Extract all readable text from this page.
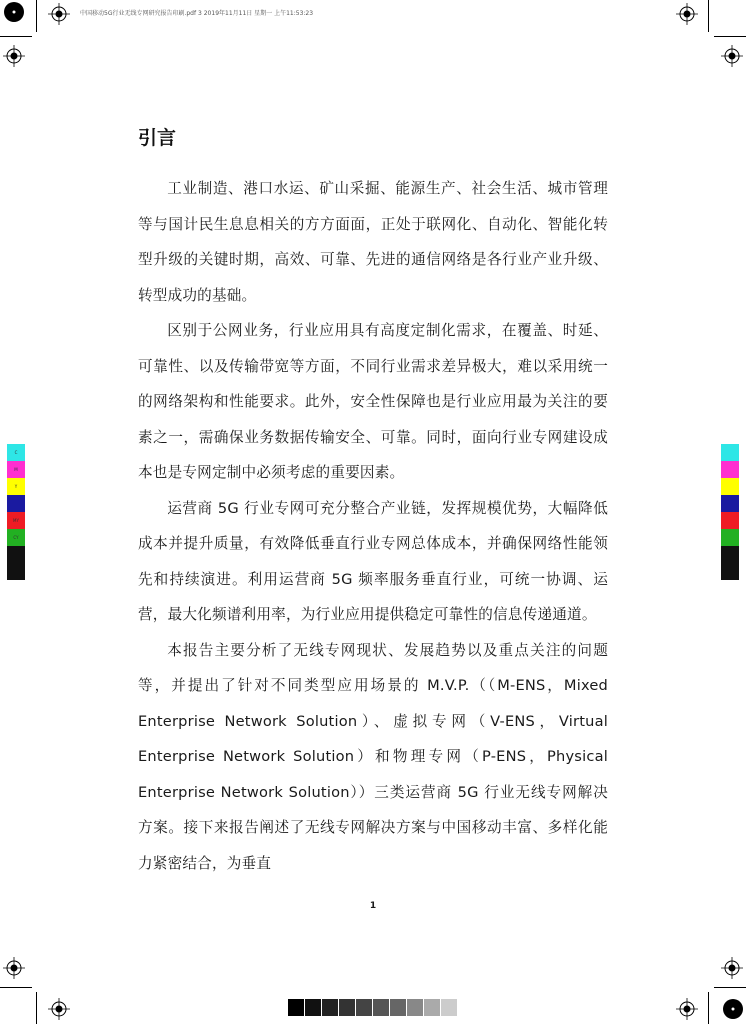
中国移动5G行业无线专网研究报告印刷.pdf 3 2019年11月11日 星期一 上午11:53:23
C
M
Y
MY
CY
引言

工业制造、港口水运、矿山采掘、能源生产、社会生活、城市管理等与国计民生息息相关的方方面面，正处于联网化、自动化、智能化转型升级的关键时期，高效、可靠、先进的通信网络是各行业产业升级、转型成功的基础。

区别于公网业务，行业应用具有高度定制化需求，在覆盖、时延、可靠性、以及传输带宽等方面，不同行业需求差异极大，难以采用统一的网络架构和性能要求。此外，安全性保障也是行业应用最为关注的要素之一，需确保业务数据传输安全、可靠。同时，面向行业专网建设成本也是专网定制中必须考虑的重要因素。

运营商 5G 行业专网可充分整合产业链，发挥规模优势，大幅降低成本并提升质量，有效降低垂直行业专网总体成本，并确保网络性能领先和持续演进。利用运营商 5G 频率服务垂直行业，可统一协调、运营，最大化频谱利用率，为行业应用提供稳定可靠性的信息传递通道。

本报告主要分析了无线专网现状、发展趋势以及重点关注的问题等，并提出了针对不同类型应用场景的 M.V.P.（（M-ENS，Mixed Enterprise Network Solution）、虚拟专网（V-ENS，Virtual Enterprise Network Solution）和物理专网（P-ENS，Physical Enterprise Network Solution））三类运营商 5G 行业无线专网解决方案。接下来报告阐述了无线专网解决方案与中国移动丰富、多样化能力紧密结合，为垂直

1
